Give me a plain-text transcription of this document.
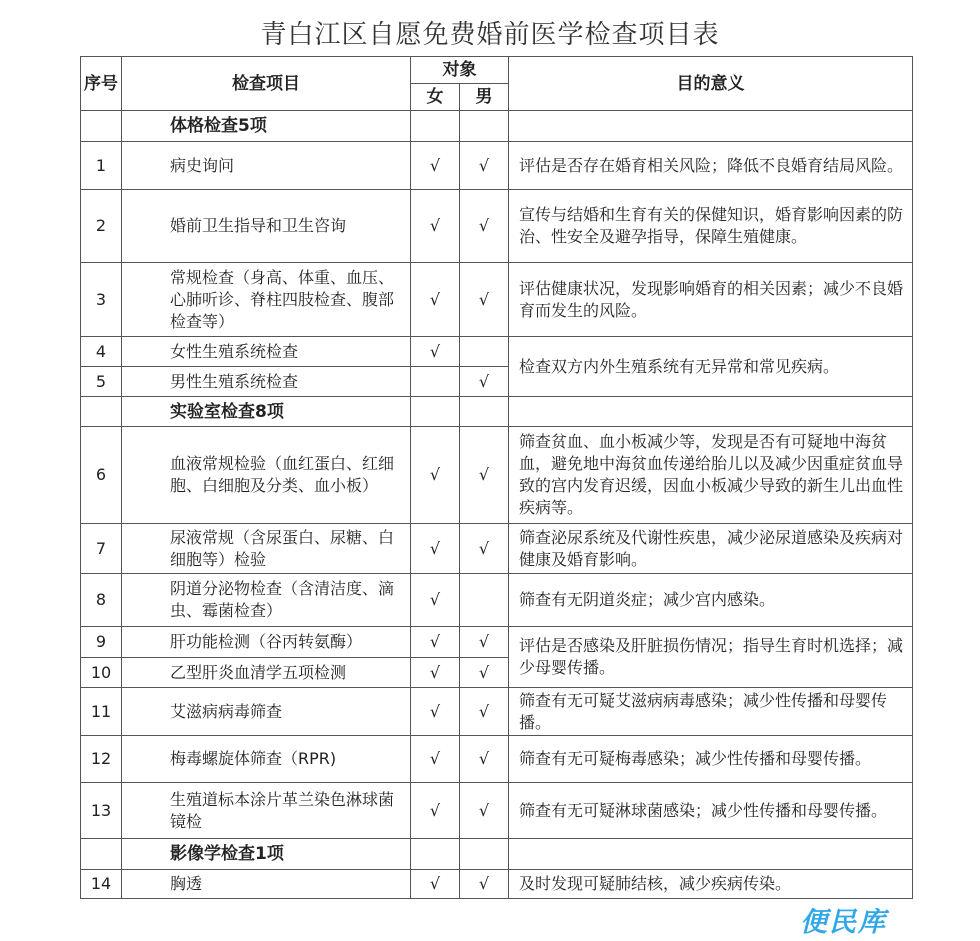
青白江区自愿免费婚前医学检查项目表
序号	检查项目	对象		目的意义
		女	男	
	体格检查5项			
1	病史询问	√	√	评估是否存在婚育相关风险；降低不良婚育结局风险。
2	婚前卫生指导和卫生咨询	√	√	宣传与结婚和生育有关的保健知识，婚育影响因素的防治、性安全及避孕指导，保障生殖健康。
3	常规检查（身高、体重、血压、心肺听诊、脊柱四肢检查、腹部检查等）	√	√	评估健康状况，发现影响婚育的相关因素；减少不良婚育而发生的风险。
4	女性生殖系统检查	√		检查双方内外生殖系统有无异常和常见疾病。
5	男性生殖系统检查		√	
	实验室检查8项			
6	血液常规检验（血红蛋白、红细胞、白细胞及分类、血小板）	√	√	筛查贫血、血小板减少等，发现是否有可疑地中海贫血，避免地中海贫血传递给胎儿以及减少因重症贫血导致的宫内发育迟缓，因血小板减少导致的新生儿出血性疾病等。
7	尿液常规（含尿蛋白、尿糖、白细胞等）检验	√	√	筛查泌尿系统及代谢性疾患，减少泌尿道感染及疾病对健康及婚育影响。
8	阴道分泌物检查（含清洁度、滴虫、霉菌检查）	√		筛查有无阴道炎症；减少宫内感染。
9	肝功能检测（谷丙转氨酶）	√	√	评估是否感染及肝脏损伤情况；指导生育时机选择；减少母婴传播。
10	乙型肝炎血清学五项检测	√	√	
11	艾滋病病毒筛查	√	√	筛查有无可疑艾滋病病毒感染；减少性传播和母婴传播。
12	梅毒螺旋体筛查（RPR)	√	√	筛查有无可疑梅毒感染；减少性传播和母婴传播。
13	生殖道标本涂片革兰染色淋球菌镜检	√	√	筛查有无可疑淋球菌感染；减少性传播和母婴传播。
	影像学检查1项			
14	胸透	√	√	及时发现可疑肺结核，减少疾病传染。
便民库
